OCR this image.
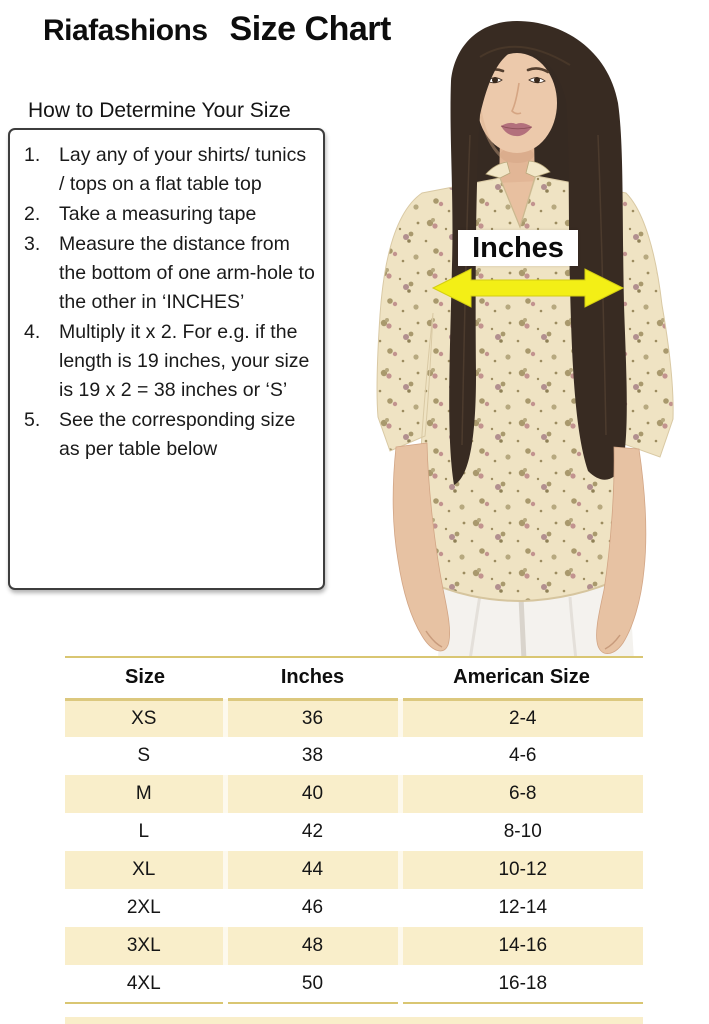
Riafashions Size Chart
How to Determine Your Size
Lay any of your shirts/ tunics / tops on a flat table top
Take a measuring tape
Measure the distance from the bottom of one arm-hole to the other in ‘INCHES’
Multiply it x 2. For e.g. if the length is 19 inches, your size is 19 x 2 = 38 inches or ‘S’
See the corresponding size as per table below
Inches
Size	Inches	American Size
XS	36	2-4
S	38	4-6
M	40	6-8
L	42	8-10
XL	44	10-12
2XL	46	12-14
3XL	48	14-16
4XL	50	16-18
